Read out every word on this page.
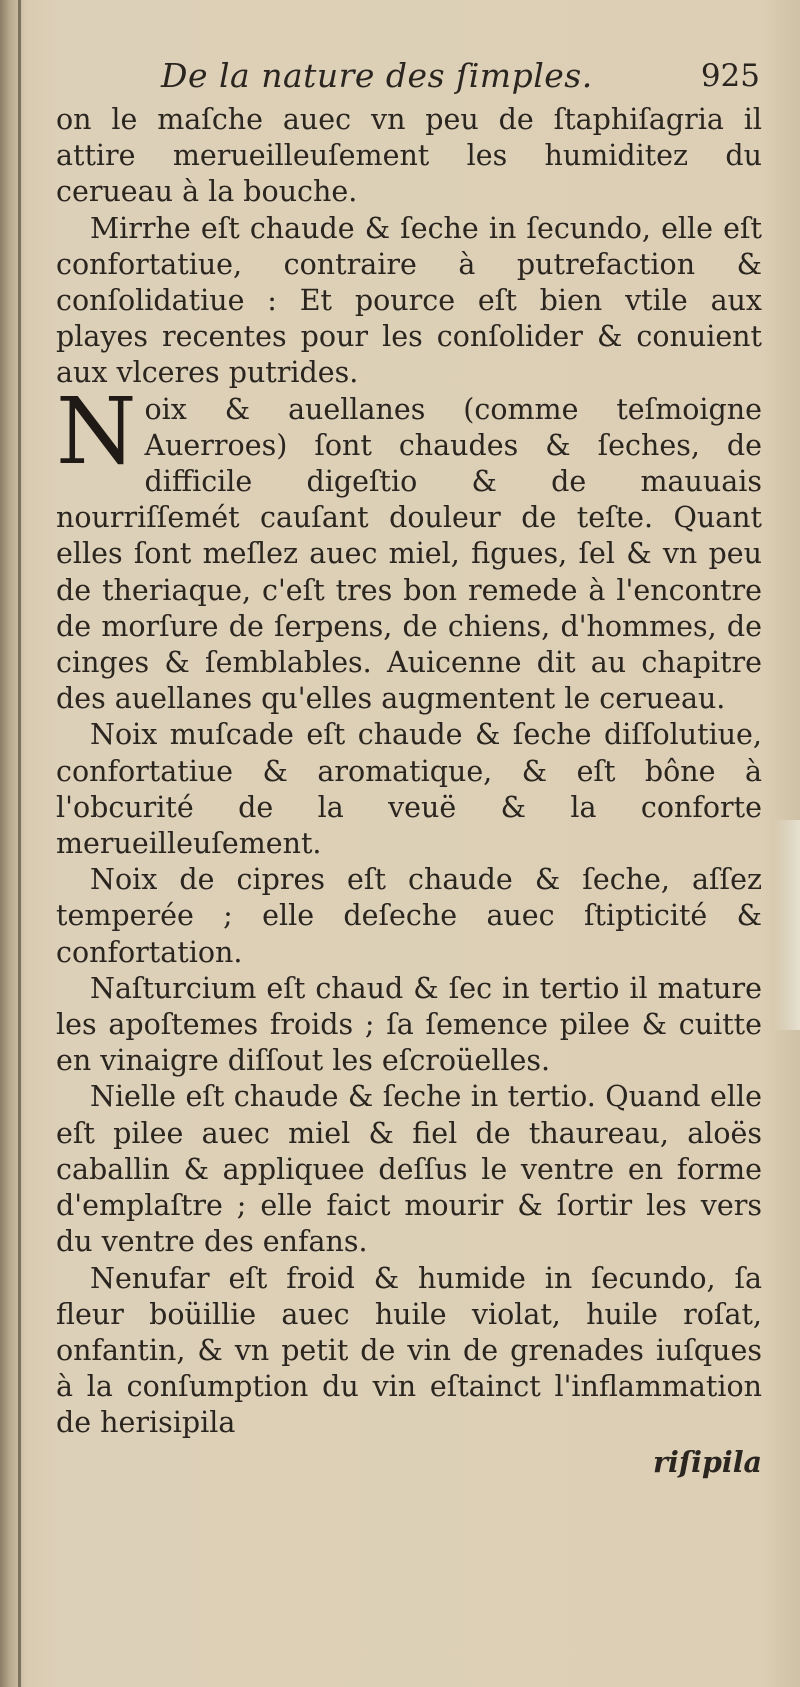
De la nature des ſimples.	925

on le maſche auec vn peu de ſtaphiſagria il attire merueilleuſement les humiditez du cerueau à la bouche.

Mirrhe eſt chaude & ſeche in ſecundo, elle eſt confortatiue, contraire à putrefaction & conſolidatiue : Et pource eſt bien vtile aux playes recentes pour les conſolider & conuient aux vlceres putrides.

N oix & auellanes (comme teſmoigne Auerroes) ſont chaudes & ſeches, de difficile digeſtio & de mauuais nourriſſemét cauſant douleur de teſte. Quant elles ſont meſlez auec miel, figues, ſel & vn peu de theriaque, c'eſt tres bon remede à l'encontre de morſure de ſerpens, de chiens, d'hommes, de cinges & ſemblables. Auicenne dit au chapitre des auellanes qu'elles augmentent le cerueau.

Noix muſcade eſt chaude & ſeche diſſolutiue, confortatiue & aromatique, & eſt bône à l'obcurité de la veuë & la conforte merueilleuſement.

Noix de cipres eſt chaude & ſeche, aſſez temperée ; elle deſeche auec ſtipticité & confortation.

Naſturcium eſt chaud & ſec in tertio il mature les apoſtemes froids ; ſa ſemence pilee & cuitte en vinaigre diſſout les eſcroüelles.

Nielle eſt chaude & ſeche in tertio. Quand elle eſt pilee auec miel & fiel de thaureau, aloës caballin & appliquee deſſus le ventre en forme d'emplaſtre ; elle faict mourir & ſortir les vers du ventre des enfans.

Nenufar eſt froid & humide in ſecundo, ſa fleur boüillie auec huile violat, huile roſat, onfantin, & vn petit de vin de grenades iuſques à la conſumption du vin eſtainct l'inflammation de herisipila

riſipila
